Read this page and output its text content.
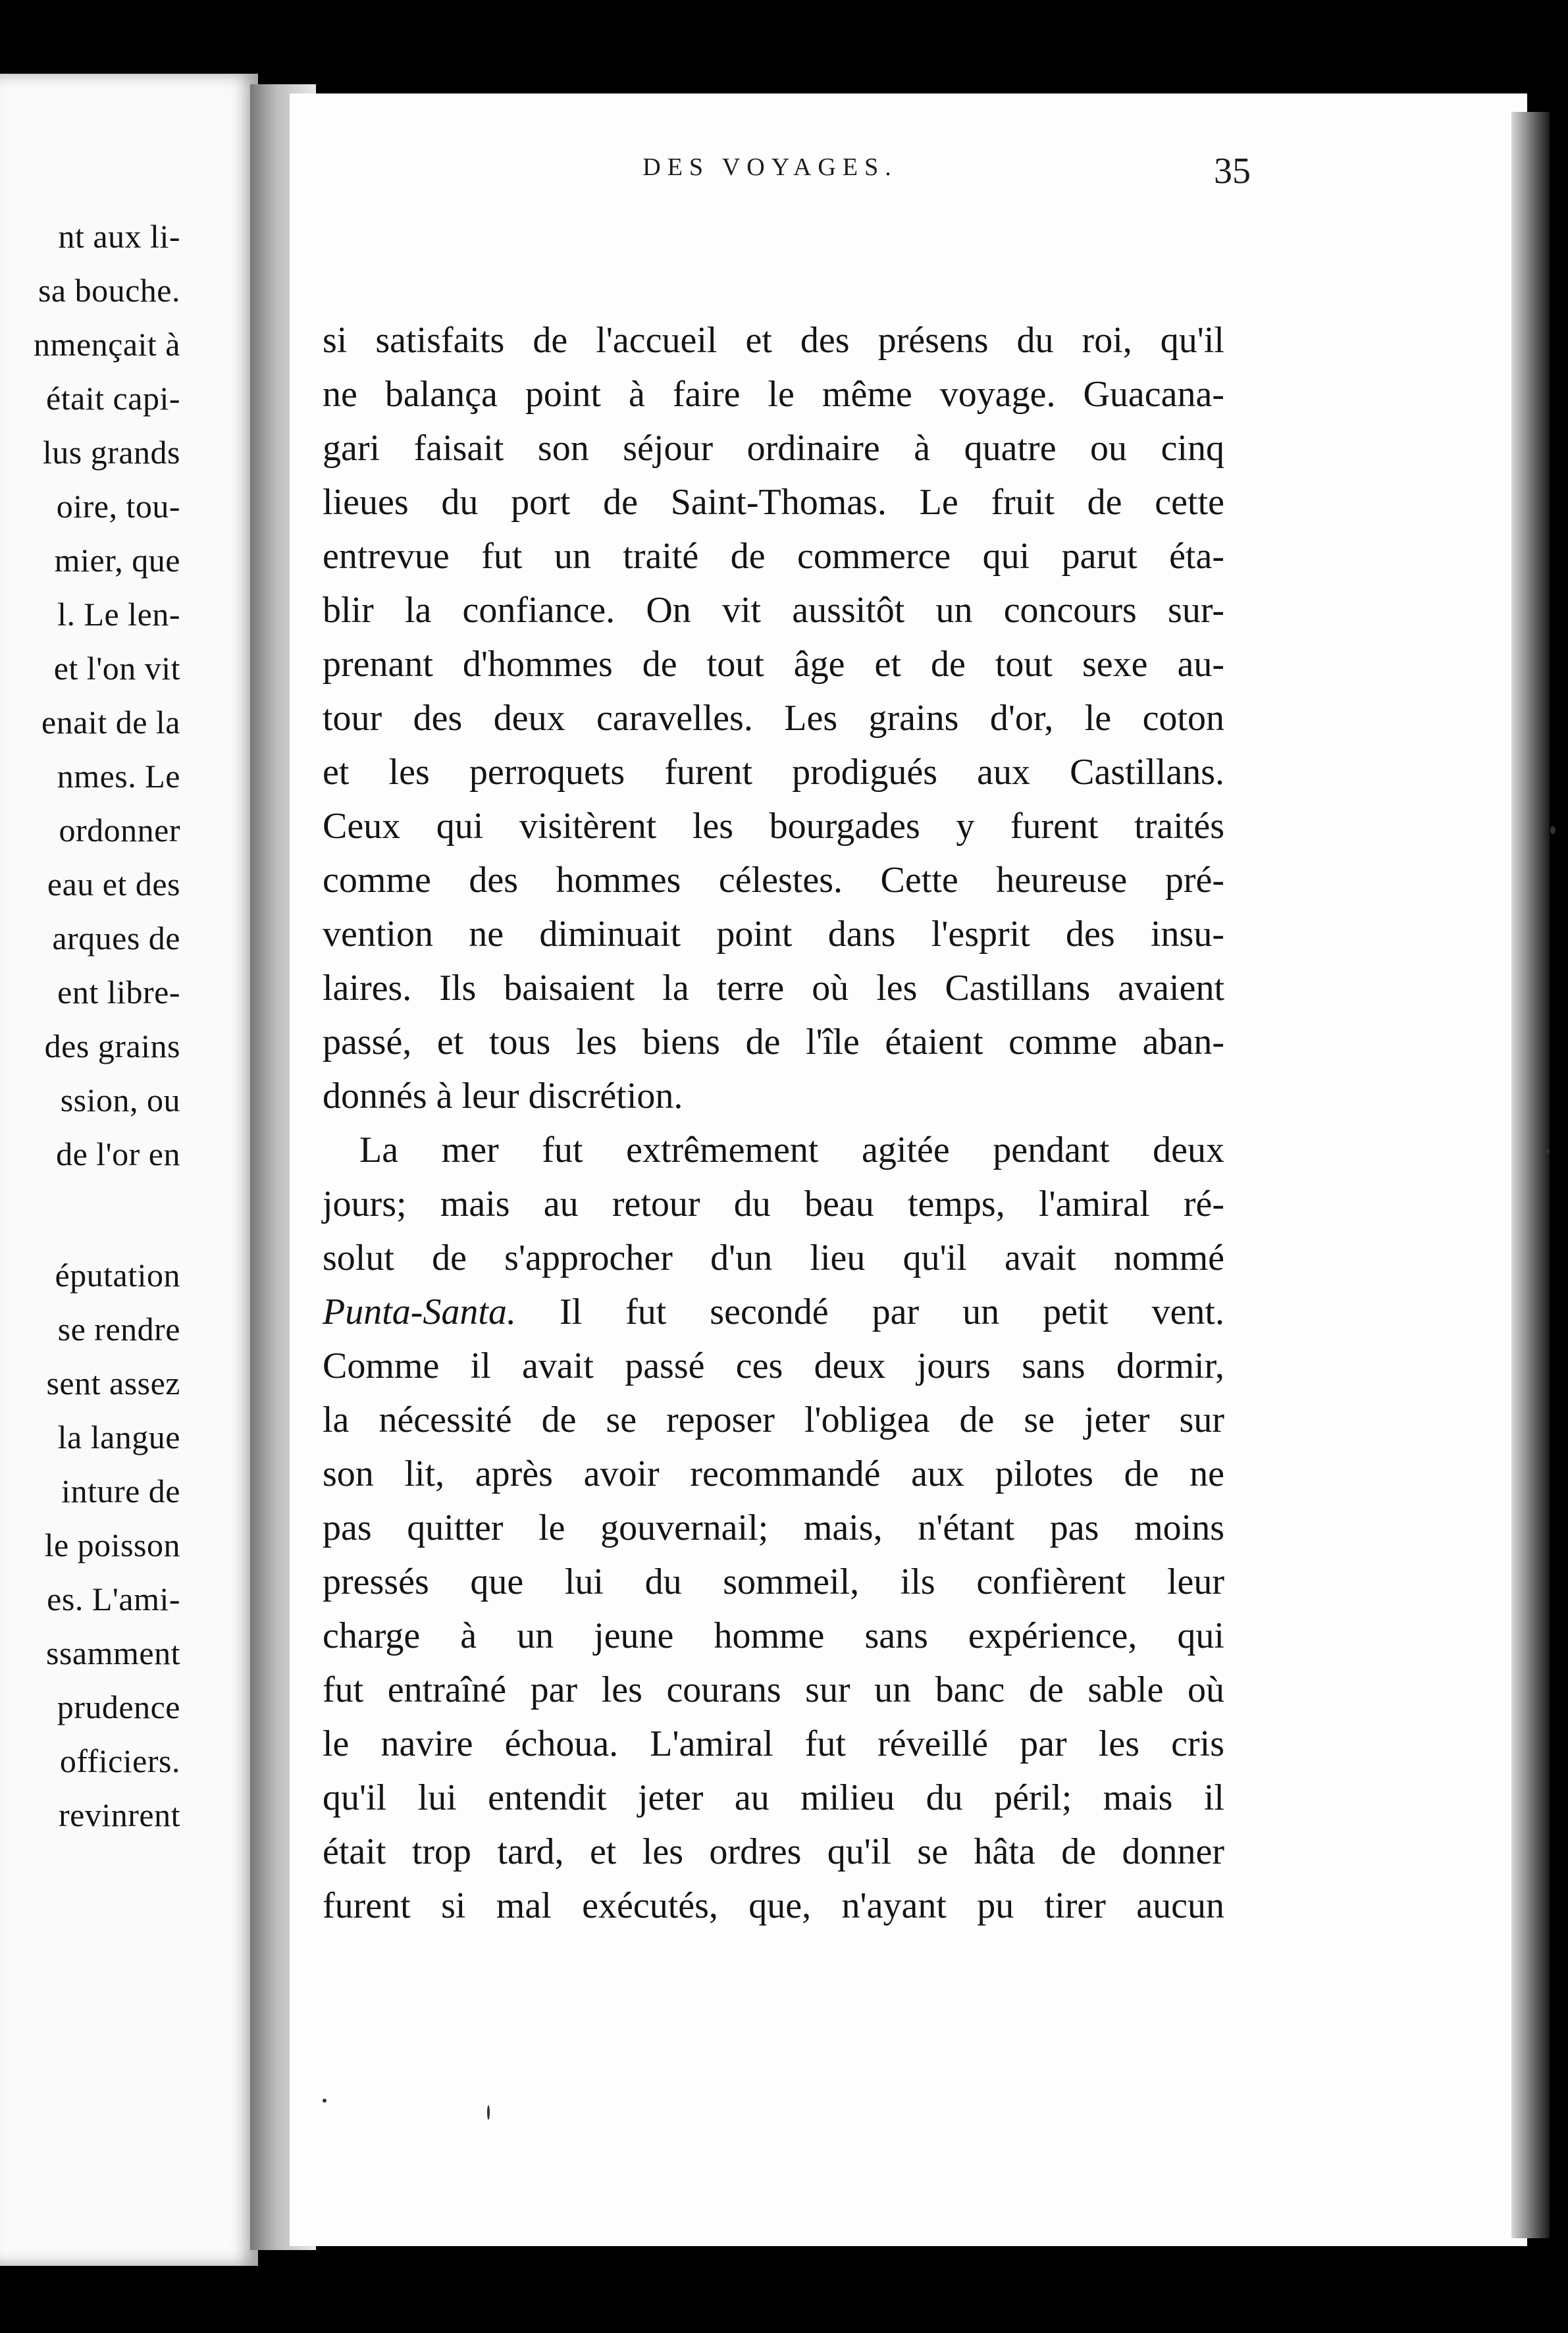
nt aux li-
sa bouche.
nmençait à
était capi-
lus grands
oire, tou-
mier, que
l. Le len-
et l'on vit
enait de la
nmes. Le
ordonner
eau et des
arques de
ent libre-
des grains
ssion, ou
de l'or en
éputation
se rendre
sent assez
la langue
inture de
le poisson
es. L'ami-
ssamment
prudence
officiers.
revinrent
DES VOYAGES.	35
si satisfaits de l'accueil et des présens du roi, qu'il
ne balança point à faire le même voyage. Guacana-
gari faisait son séjour ordinaire à quatre ou cinq
lieues du port de Saint-Thomas. Le fruit de cette
entrevue fut un traité de commerce qui parut éta-
blir la confiance. On vit aussitôt un concours sur-
prenant d'hommes de tout âge et de tout sexe au-
tour des deux caravelles. Les grains d'or, le coton
et les perroquets furent prodigués aux Castillans.
Ceux qui visitèrent les bourgades y furent traités
comme des hommes célestes. Cette heureuse pré-
vention ne diminuait point dans l'esprit des insu-
laires. Ils baisaient la terre où les Castillans avaient
passé, et tous les biens de l'île étaient comme aban-
donnés à leur discrétion.
La mer fut extrêmement agitée pendant deux
jours; mais au retour du beau temps, l'amiral ré-
solut de s'approcher d'un lieu qu'il avait nommé
Punta-Santa. Il fut secondé par un petit vent.
Comme il avait passé ces deux jours sans dormir,
la nécessité de se reposer l'obligea de se jeter sur
son lit, après avoir recommandé aux pilotes de ne
pas quitter le gouvernail; mais, n'étant pas moins
pressés que lui du sommeil, ils confièrent leur
charge à un jeune homme sans expérience, qui
fut entraîné par les courans sur un banc de sable où
le navire échoua. L'amiral fut réveillé par les cris
qu'il lui entendit jeter au milieu du péril; mais il
était trop tard, et les ordres qu'il se hâta de donner
furent si mal exécutés, que, n'ayant pu tirer aucun
